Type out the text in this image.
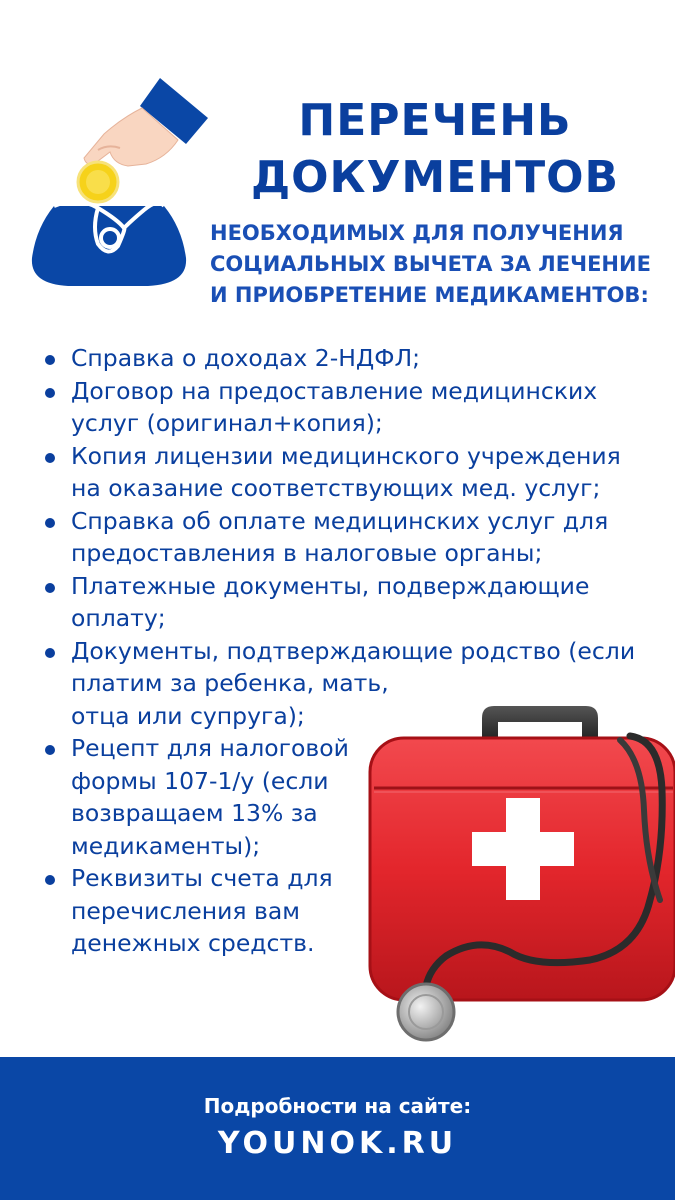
ПЕРЕЧЕНЬ
ДОКУМЕНТОВ
НЕОБХОДИМЫХ ДЛЯ ПОЛУЧЕНИЯ
СОЦИАЛЬНЫХ ВЫЧЕТА ЗА ЛЕЧЕНИЕ
И ПРИОБРЕТЕНИЕ МЕДИКАМЕНТОВ:
Справка о доходах 2-НДФЛ;
Договор на предоставление медицинских
услуг (оригинал+копия);
Копия лицензии медицинского учреждения
на оказание соответствующих мед. услуг;
Справка об оплате медицинских услуг для
предоставления в налоговые органы;
Платежные документы, подверждающие
оплату;
Документы, подтверждающие родство (если
платим за ребенка, мать,
отца или супруга);
Рецепт для налоговой
формы 107-1/у (если
возвращаем 13% за
медикаменты);
Реквизиты счета для
перечисления вам
денежных средств.
Подробности на сайте:
YOUNOK.RU
